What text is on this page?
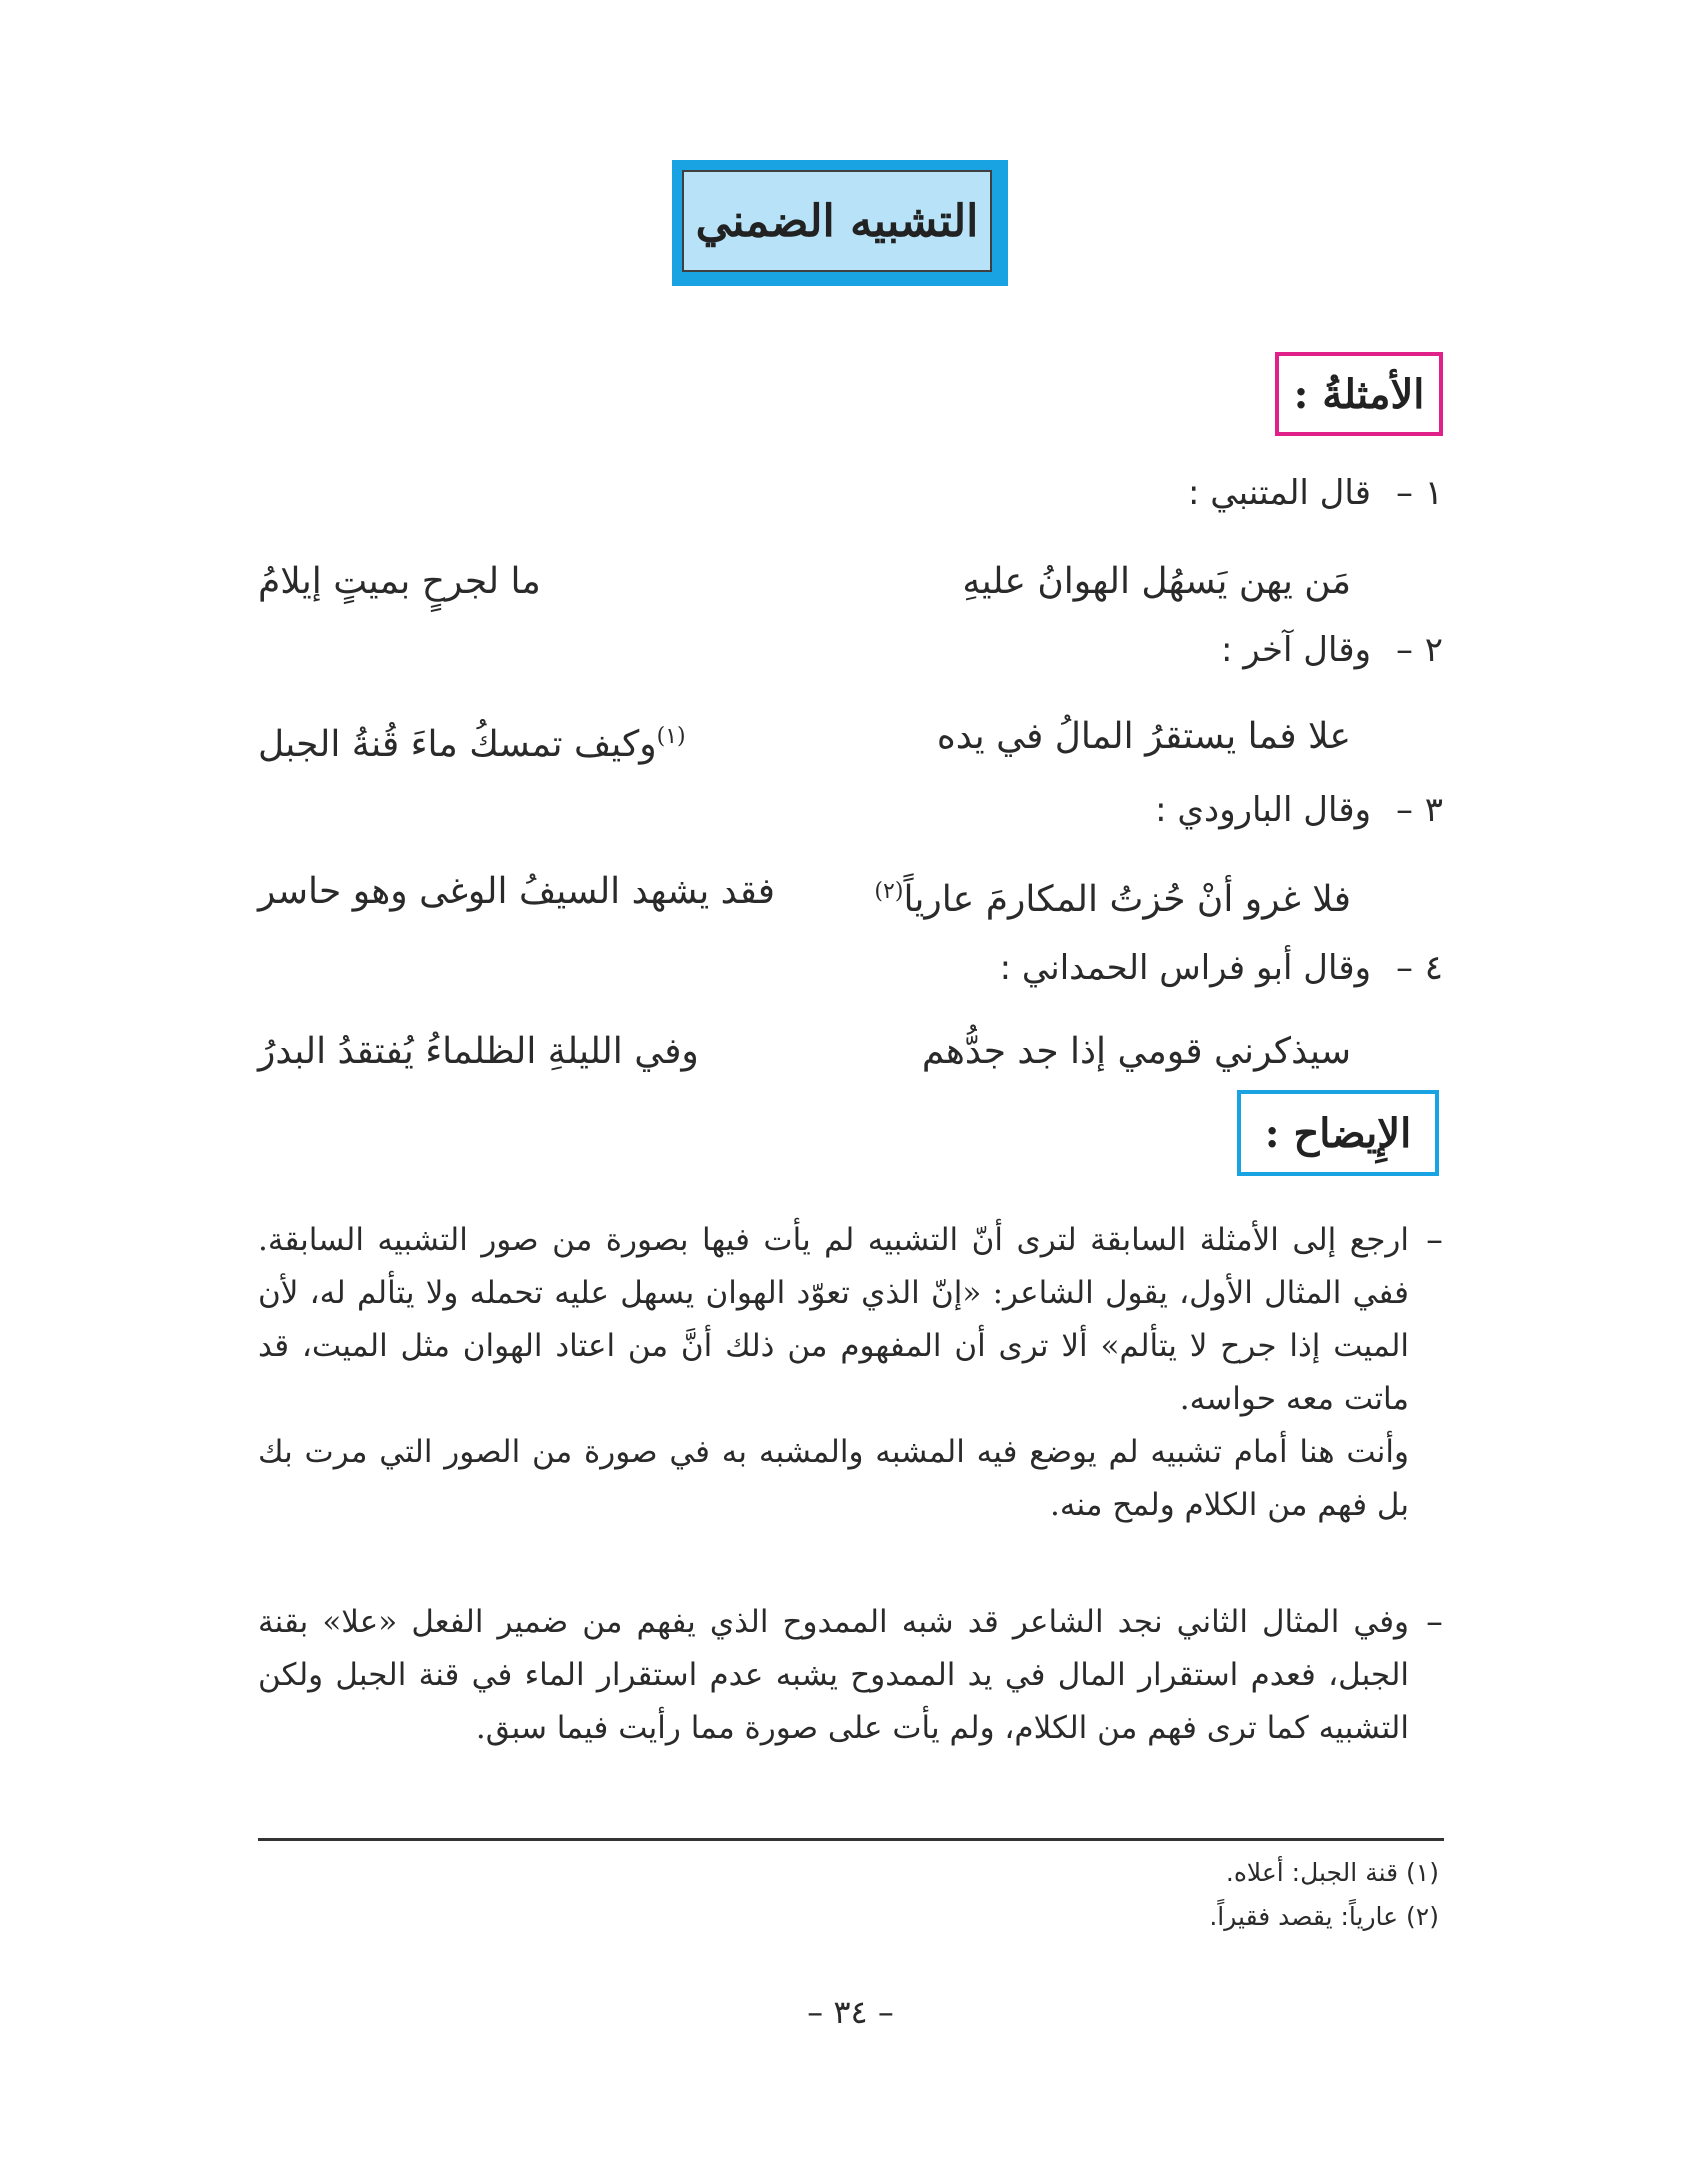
التشبيه الضمني
الأمثلةُ :
١
–
قال المتنبي :
مَن يهن يَسهُل الهوانُ عليهِ
ما لجرحٍ بميتٍ إيلامُ
٢
–
وقال آخر :
علا فما يستقرُ المالُ في يده
$^{(١)}$وكيف تمسكُ ماءَ قُنةُ الجبل
٣
–
وقال البارودي :
فلا غرو أنْ حُزتُ المكارمَ عارياً$^{(٢)}$
فقد يشهد السيفُ الوغى وهو حاسر
٤
–
وقال أبو فراس الحمداني :
سيذكرني قومي إذا جد جدُّهم
وفي الليلةِ الظلماءُ يُفتقدُ البدرُ
الإِيضاح :
–
ارجع إلى الأمثلة السابقة لترى أنّ التشبيه لم يأت فيها بصورة من صور التشبيه السابقة. ففي المثال الأول، يقول الشاعر: «إنّ الذي تعوّد الهوان يسهل عليه تحمله ولا يتألم له، لأن الميت إذا جرح لا يتألم» ألا ترى أن المفهوم من ذلك أنَّ من اعتاد الهوان مثل الميت، قد ماتت معه حواسه.
وأنت هنا أمام تشبيه لم يوضع فيه المشبه والمشبه به في صورة من الصور التي مرت بك بل فهم من الكلام ولمح منه.
–
وفي المثال الثاني نجد الشاعر قد شبه الممدوح الذي يفهم من ضمير الفعل «علا» بقنة الجبل، فعدم استقرار المال في يد الممدوح يشبه عدم استقرار الماء في قنة الجبل ولكن التشبيه كما ترى فهم من الكلام، ولم يأت على صورة مما رأيت فيما سبق.
(١) قنة الجبل: أعلاه.
(٢) عارياً: يقصد فقيراً.
– ٣٤ –
